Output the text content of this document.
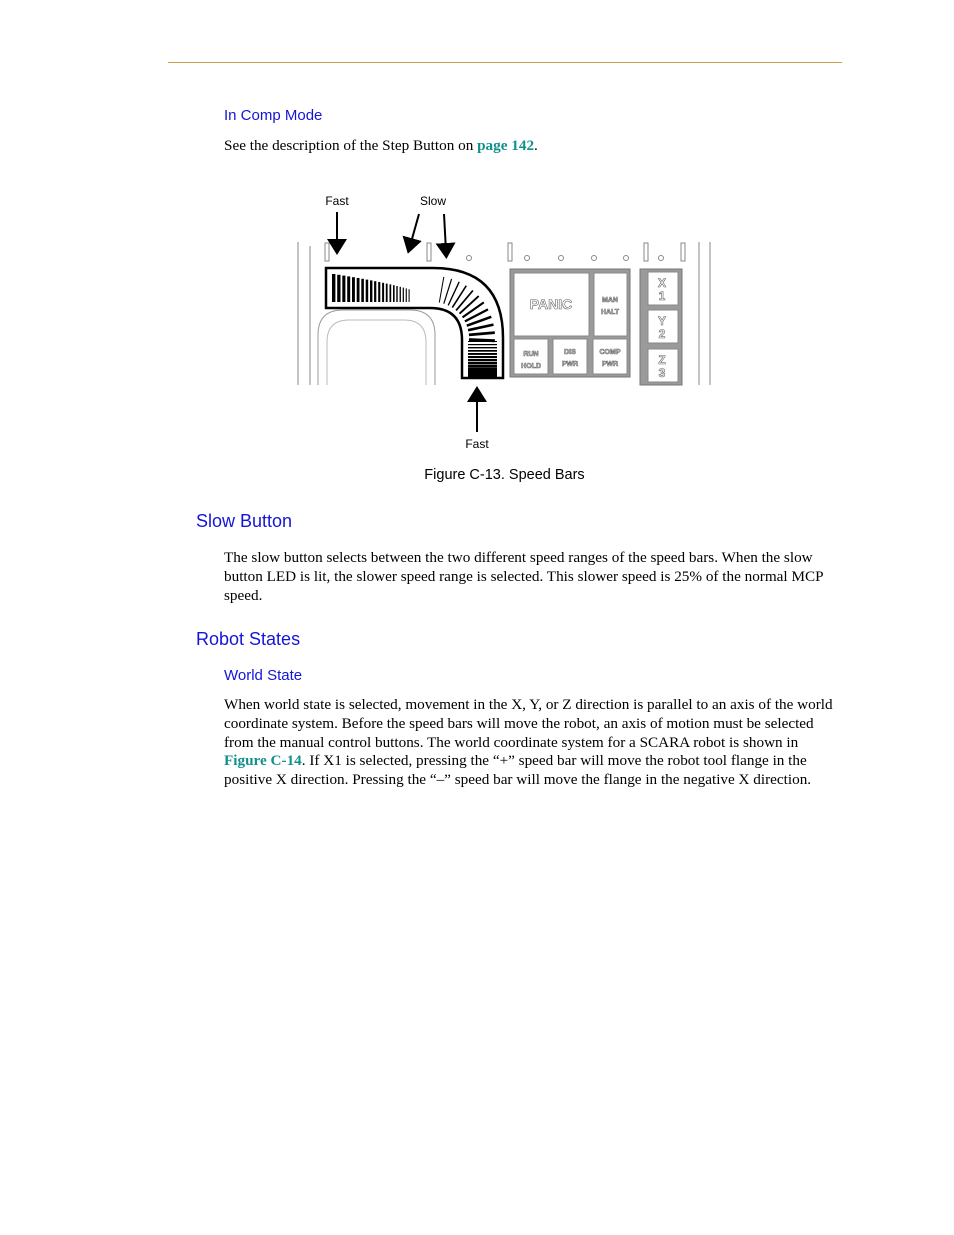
In Comp Mode
See the description of the Step Button on page 142.
Fast	Slow
Fast
PANIC	MAN
HALT
RUN
HOLD
DIS
PWR
COMP
PWR
X
1
Y
2
Z
3
Figure C-13. Speed Bars
Slow Button
The slow button selects between the two different speed ranges of the speed bars. When the slow button LED is lit, the slower speed range is selected. This slower speed is 25% of the normal MCP speed.
Robot States
World State
When world state is selected, movement in the X, Y, or Z direction is parallel to an axis of the world coordinate system. Before the speed bars will move the robot, an axis of motion must be selected from the manual control buttons. The world coordinate system for a SCARA robot is shown in Figure C-14. If X1 is selected, pressing the “+” speed bar will move the robot tool flange in the positive X direction. Pressing the “–” speed bar will move the flange in the negative X direction.
